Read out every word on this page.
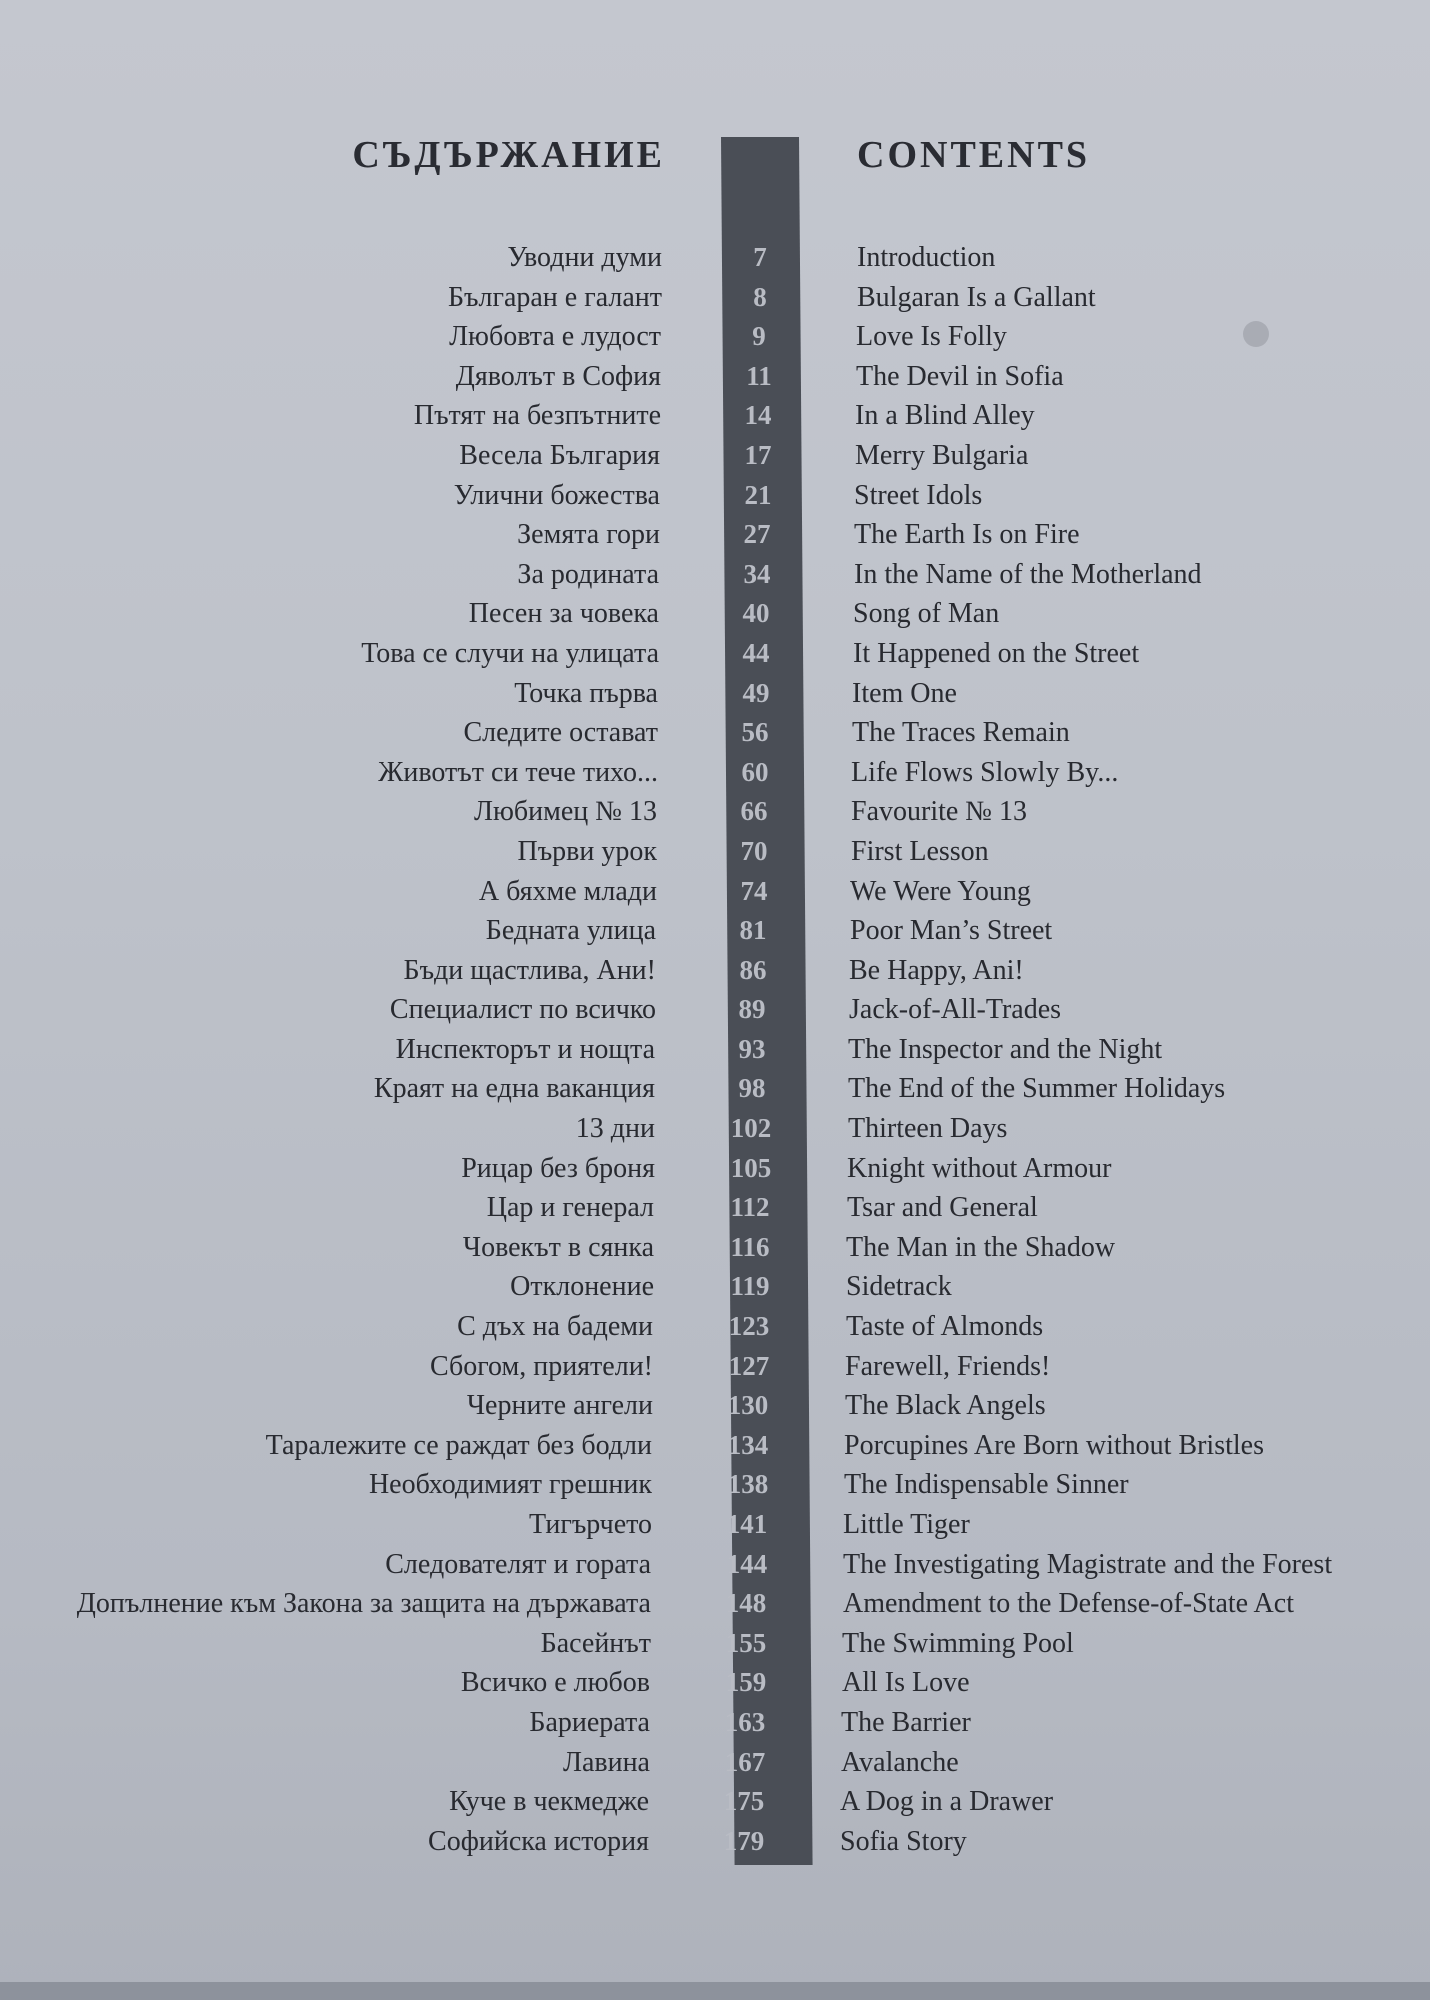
СЪДЪРЖАНИЕ	CONTENTS
Уводни думи	7	Introduction
Българан е галант	8	Bulgaran Is a Gallant
Любовта е лудост	9	Love Is Folly
Дяволът в София	11	The Devil in Sofia
Пътят на безпътните	14	In a Blind Alley
Весела България	17	Merry Bulgaria
Улични божества	21	Street Idols
Земята гори	27	The Earth Is on Fire
За родината	34	In the Name of the Motherland
Песен за човека	40	Song of Man
Това се случи на улицата	44	It Happened on the Street
Точка първа	49	Item One
Следите остават	56	The Traces Remain
Животът си тече тихо...	60	Life Flows Slowly By...
Любимец № 13	66	Favourite № 13
Първи урок	70	First Lesson
А бяхме млади	74	We Were Young
Бедната улица	81	Poor Man’s Street
Бъди щастлива, Ани!	86	Be Happy, Ani!
Специалист по всичко	89	Jack-of-All-Trades
Инспекторът и нощта	93	The Inspector and the Night
Краят на една ваканция	98	The End of the Summer Holidays
13 дни	102	Thirteen Days
Рицар без броня	105	Knight without Armour
Цар и генерал	112	Tsar and General
Човекът в сянка	116	The Man in the Shadow
Отклонение	119	Sidetrack
С дъх на бадеми	123	Taste of Almonds
Сбогом, приятели!	127	Farewell, Friends!
Черните ангели	130	The Black Angels
Таралежите се раждат без бодли	134	Porcupines Are Born without Bristles
Необходимият грешник	138	The Indispensable Sinner
Тигърчето	141	Little Tiger
Следователят и гората	144	The Investigating Magistrate and the Forest
Допълнение към Закона за защита на държавата	148	Amendment to the Defense-of-State Act
Басейнът	155	The Swimming Pool
Всичко е любов	159	All Is Love
Бариерата	163	The Barrier
Лавина	167	Avalanche
Куче в чекмедже	175	A Dog in a Drawer
Софийска история	179	Sofia Story
